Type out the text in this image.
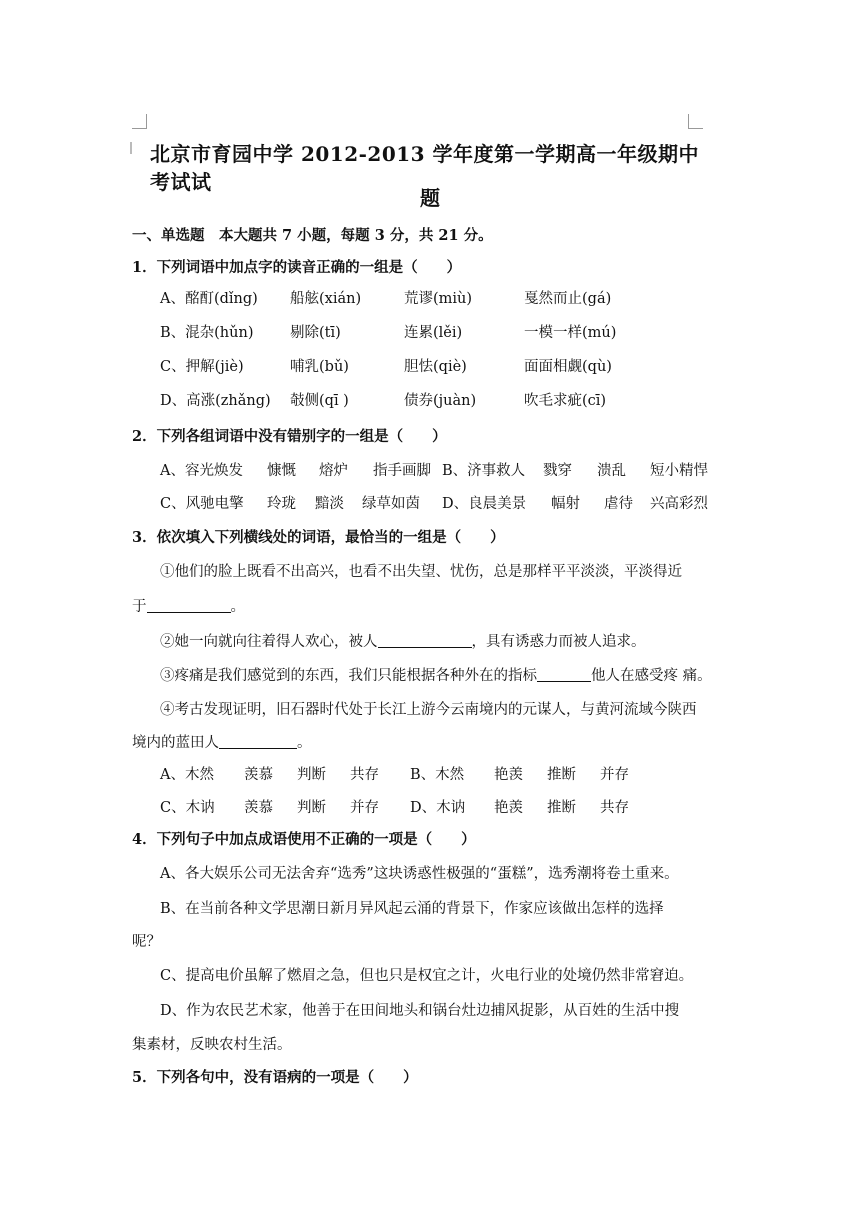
北京市育园中学 2012-2013 学年度第一学期高一年级期中考试试
题
一、单选题　本大题共 7 小题，每题 3 分，共 21 分。
1．下列词语中加点字的读音正确的一组是（　　）
A、酩酊(dǐng) 船舷(xián)	荒谬(miù)	戛然而止(gá)
B、混杂(hǔn)	剔除(tī)	连累(lěi)	一模一样(mú)
C、押解(jiè)	哺乳(bǔ)	胆怯(qiè)	面面相觑(qù)
D、高涨(zhǎng) 攲侧(qī )	债券(juàn)	吹毛求疵(cī)
2．下列各组词语中没有错别字的一组是（　　）
A、容光焕发 慷慨 熔炉 指手画脚 B、济事救人 戮穿 溃乱 短小精悍
C、风驰电擎 玲珑 黯淡 绿草如茵 D、良晨美景 幅射 虐待 兴高彩烈
3．依次填入下列横线处的词语，最恰当的一组是（　　）
①他们的脸上既看不出高兴，也看不出失望、忧伤，总是那样平平淡淡，平淡得近
于	。
②她一向就向往着得人欢心，被人	，具有诱惑力而被人追求。
③疼痛是我们感觉到的东西，我们只能根据各种外在的指标	他人在感受疼 痛。
④考古发现证明，旧石器时代处于长江上游今云南境内的元谋人，与黄河流域今陕西
境内的蓝田人	。
A、木然 羡慕 判断 共存 B、木然 艳羡 推断 并存
C、木讷 羡慕 判断 并存 D、木讷 艳羡 推断 共存
4．下列句子中加点成语使用不正确的一项是（　　）
A、各大娱乐公司无法舍弃“选秀”这块诱惑性极强的“蛋糕”，选秀潮将卷土重来。
B、在当前各种文学思潮日新月异风起云涌的背景下，作家应该做出怎样的选择
呢？
C、提高电价虽解了燃眉之急，但也只是权宜之计，火电行业的处境仍然非常窘迫。
D、作为农民艺术家，他善于在田间地头和锅台灶边捕风捉影，从百姓的生活中搜
集素材，反映农村生活。
5．下列各句中，没有语病的一项是（　　）
